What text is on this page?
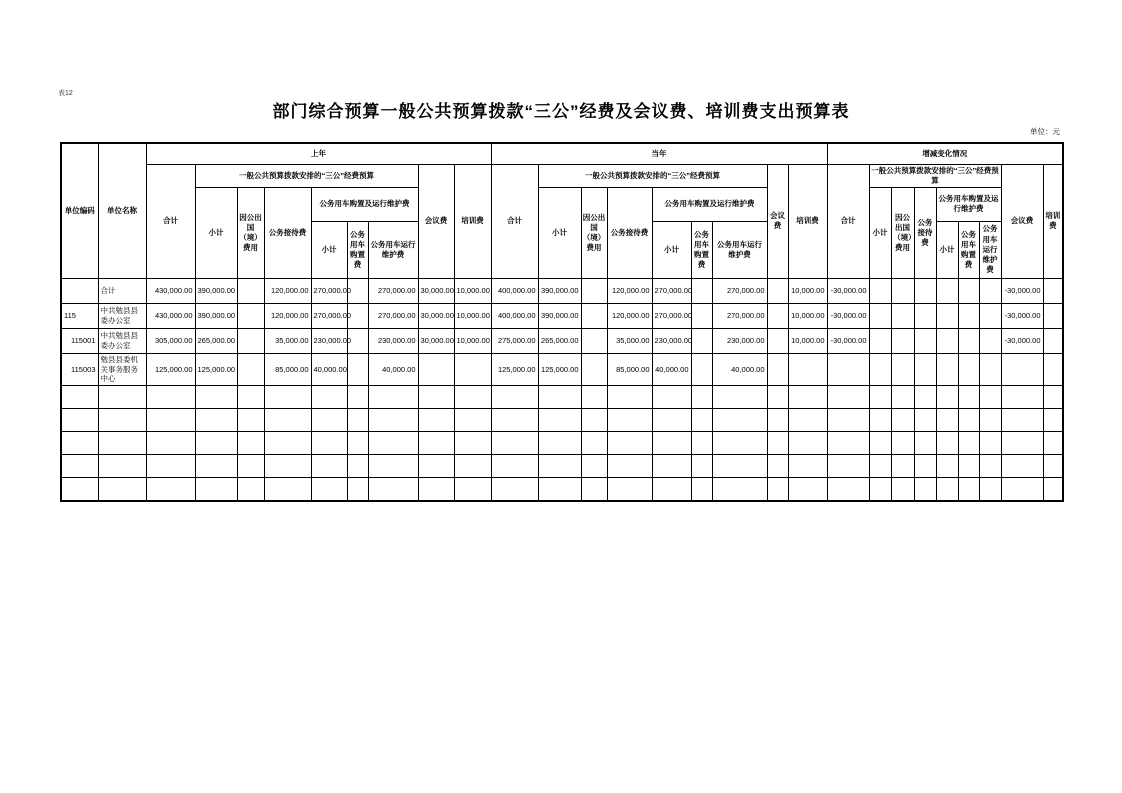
表12
部门综合预算一般公共预算拨款“三公”经费及会议费、培训费支出预算表
单位：元
单位编码	单位名称	上年									当年									增减变化情况								
		合计	一般公共预算拨款安排的“三公”经费预算						会议费	培训费	合计	一般公共预算拨款安排的“三公”经费预算						会议费	培训费	合计	一般公共预算拨款安排的“三公”经费预算						会议费	培训费
			小计	因公出国（境）费用	公务接待费	公务用车购置及运行维护费						小计	因公出国（境）费用	公务接待费	公务用车购置及运行维护费						小计	因公出国（境）费用	公务接待费	公务用车购置及运行维护费				
						小计	公务用车购置费	公务用车运行维护费							小计	公务用车购置费	公务用车运行维护费							小计	公务用车购置费	公务用车运行维护费		
	合计	430,000.00	390,000.00		120,000.00	270,000.00		270,000.00	30,000.00	10,000.00	400,000.00	390,000.00		120,000.00	270,000.00		270,000.00		10,000.00	-30,000.00							-30,000.00	
115	中共勉县县委办公室	430,000.00	390,000.00		120,000.00	270,000.00		270,000.00	30,000.00	10,000.00	400,000.00	390,000.00		120,000.00	270,000.00		270,000.00		10,000.00	-30,000.00							-30,000.00	
115001	中共勉县县委办公室	305,000.00	265,000.00		35,000.00	230,000.00		230,000.00	30,000.00	10,000.00	275,000.00	265,000.00		35,000.00	230,000.00		230,000.00		10,000.00	-30,000.00							-30,000.00	
115003	勉县县委机关事务服务中心	125,000.00	125,000.00		85,000.00	40,000.00		40,000.00			125,000.00	125,000.00		85,000.00	40,000.00		40,000.00											
